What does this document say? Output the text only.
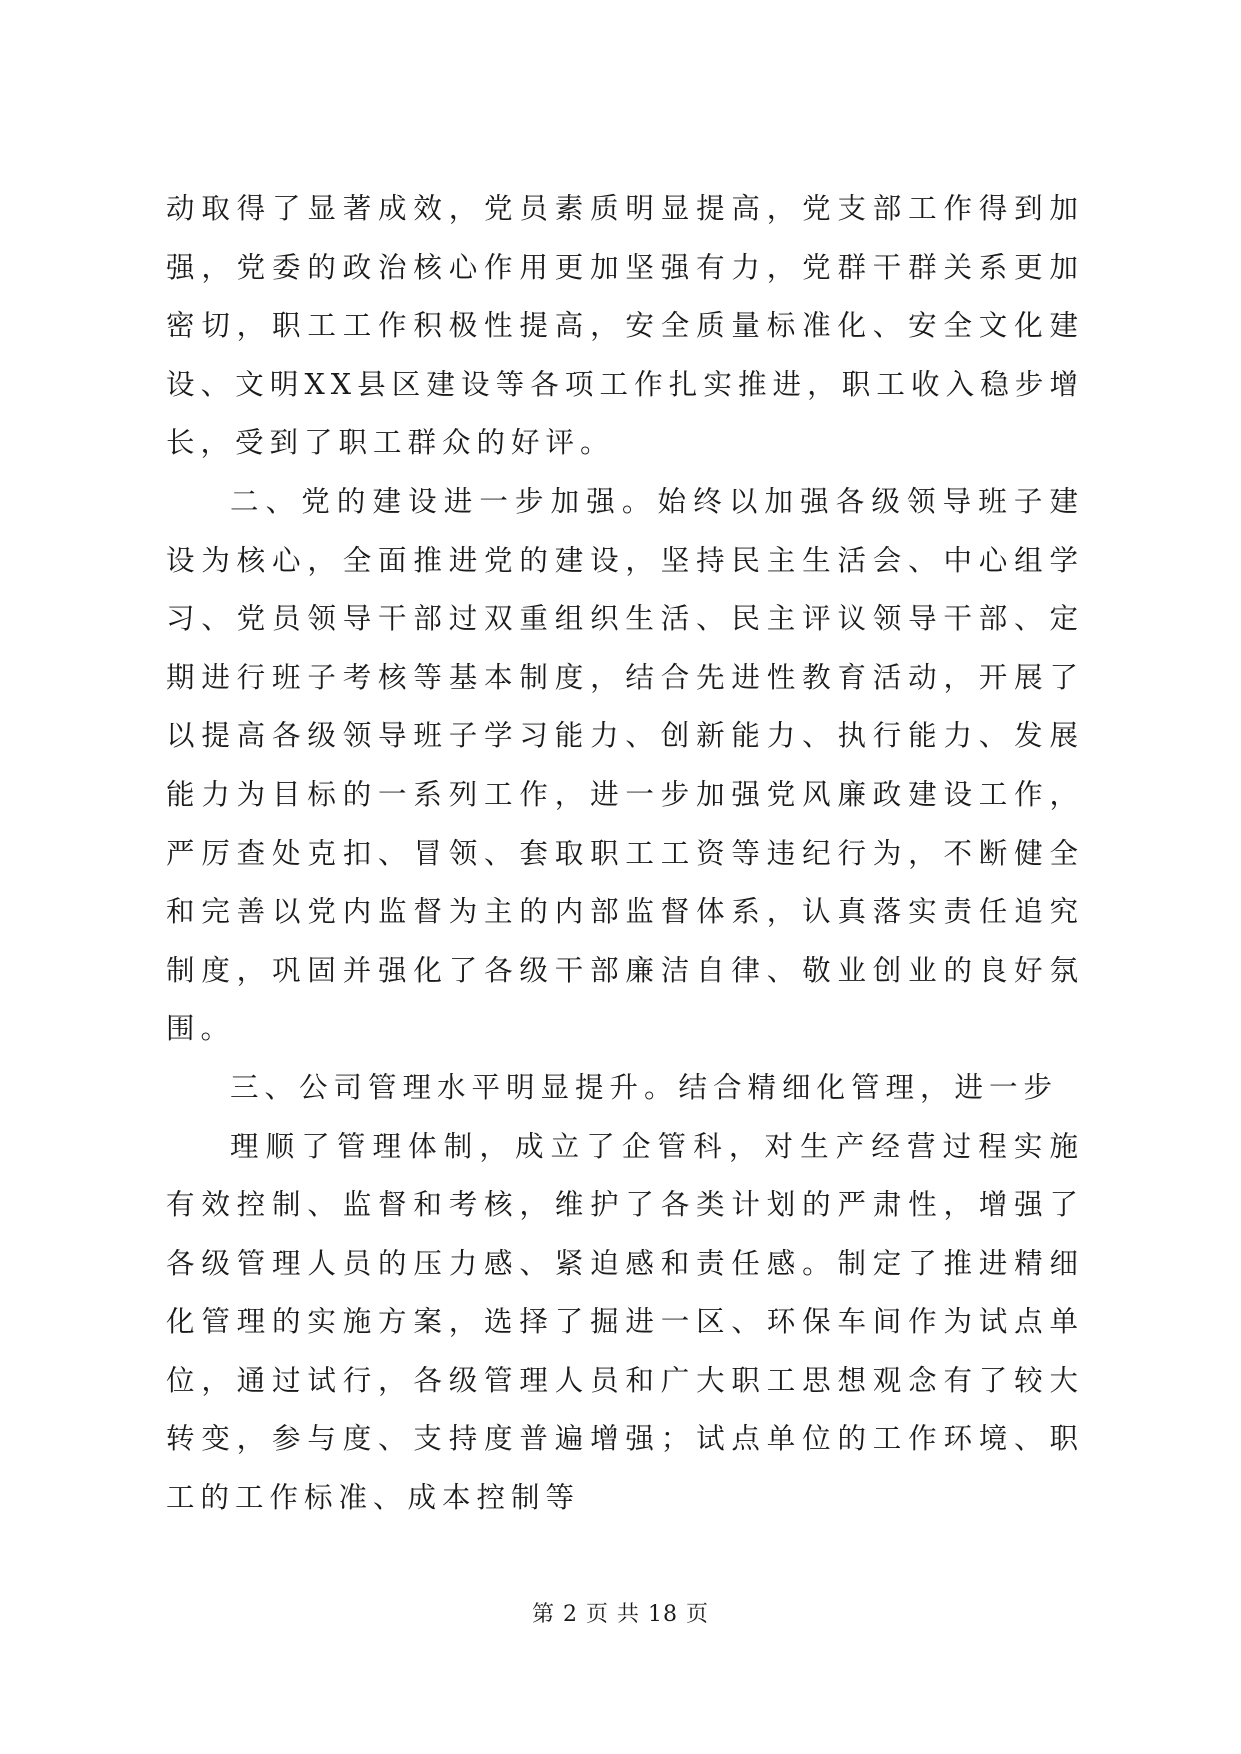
动取得了显著成效，党员素质明显提高，党支部工作得到加强，党委的政治核心作用更加坚强有力，党群干群关系更加密切，职工工作积极性提高，安全质量标准化、安全文化建设、文明XX县区建设等各项工作扎实推进，职工收入稳步增长，受到了职工群众的好评。

二、党的建设进一步加强。始终以加强各级领导班子建设为核心，全面推进党的建设，坚持民主生活会、中心组学习、党员领导干部过双重组织生活、民主评议领导干部、定期进行班子考核等基本制度，结合先进性教育活动，开展了以提高各级领导班子学习能力、创新能力、执行能力、发展能力为目标的一系列工作，进一步加强党风廉政建设工作，严厉查处克扣、冒领、套取职工工资等违纪行为，不断健全和完善以党内监督为主的内部监督体系，认真落实责任追究制度，巩固并强化了各级干部廉洁自律、敬业创业的良好氛围。

三、公司管理水平明显提升。结合精细化管理，进一步

理顺了管理体制，成立了企管科，对生产经营过程实施有效控制、监督和考核，维护了各类计划的严肃性，增强了各级管理人员的压力感、紧迫感和责任感。制定了推进精细化管理的实施方案，选择了掘进一区、环保车间作为试点单位，通过试行，各级管理人员和广大职工思想观念有了较大转变，参与度、支持度普遍增强；试点单位的工作环境、职工的工作标准、成本控制等

第 2 页 共 18 页
